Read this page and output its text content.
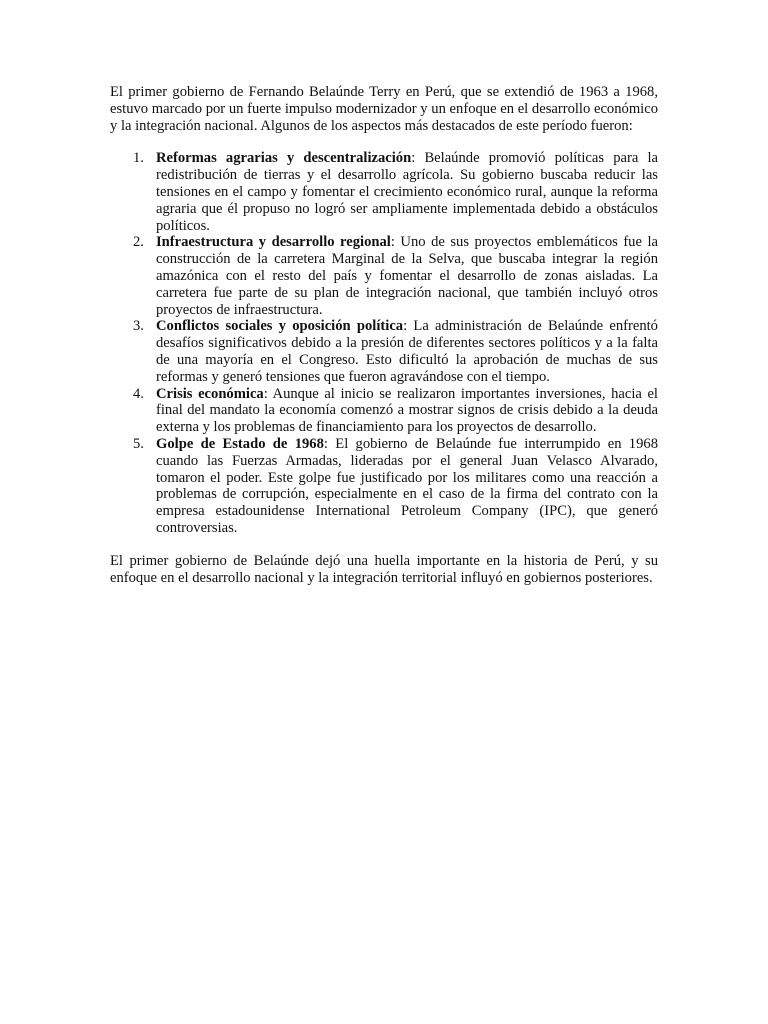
El primer gobierno de Fernando Belaúnde Terry en Perú, que se extendió de 1963 a 1968, estuvo marcado por un fuerte impulso modernizador y un enfoque en el desarrollo económico y la integración nacional. Algunos de los aspectos más destacados de este período fueron:

1. Reformas agrarias y descentralización: Belaúnde promovió políticas para la redistribución de tierras y el desarrollo agrícola. Su gobierno buscaba reducir las tensiones en el campo y fomentar el crecimiento económico rural, aunque la reforma agraria que él propuso no logró ser ampliamente implementada debido a obstáculos políticos.
2. Infraestructura y desarrollo regional: Uno de sus proyectos emblemáticos fue la construcción de la carretera Marginal de la Selva, que buscaba integrar la región amazónica con el resto del país y fomentar el desarrollo de zonas aisladas. La carretera fue parte de su plan de integración nacional, que también incluyó otros proyectos de infraestructura.
3. Conflictos sociales y oposición política: La administración de Belaúnde enfrentó desafíos significativos debido a la presión de diferentes sectores políticos y a la falta de una mayoría en el Congreso. Esto dificultó la aprobación de muchas de sus reformas y generó tensiones que fueron agravándose con el tiempo.
4. Crisis económica: Aunque al inicio se realizaron importantes inversiones, hacia el final del mandato la economía comenzó a mostrar signos de crisis debido a la deuda externa y los problemas de financiamiento para los proyectos de desarrollo.
5. Golpe de Estado de 1968: El gobierno de Belaúnde fue interrumpido en 1968 cuando las Fuerzas Armadas, lideradas por el general Juan Velasco Alvarado, tomaron el poder. Este golpe fue justificado por los militares como una reacción a problemas de corrupción, especialmente en el caso de la firma del contrato con la empresa estadounidense International Petroleum Company (IPC), que generó controversias.

El primer gobierno de Belaúnde dejó una huella importante en la historia de Perú, y su enfoque en el desarrollo nacional y la integración territorial influyó en gobiernos posteriores.
